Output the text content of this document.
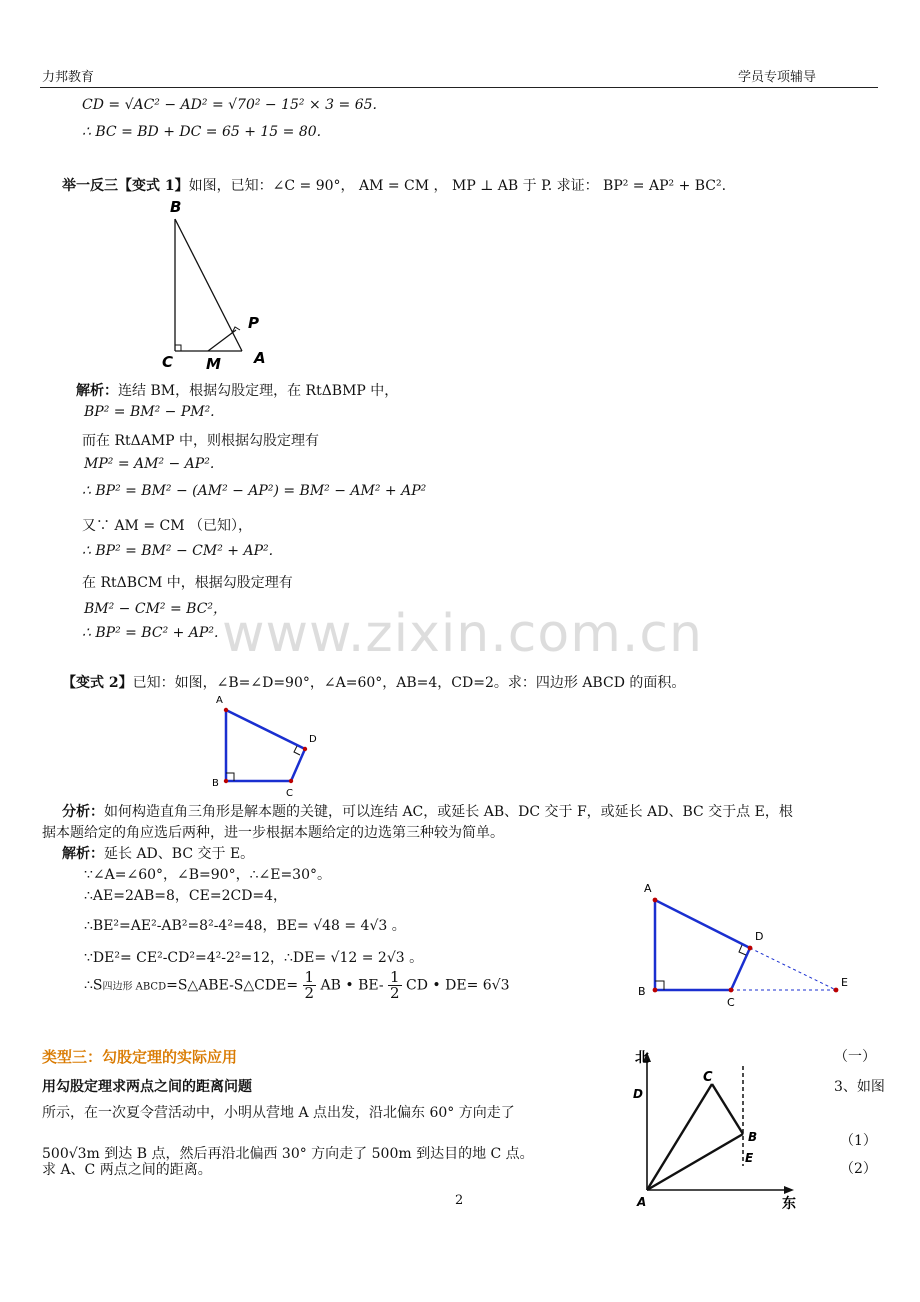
力邦教育	学员专项辅导
CD = √AC² − AD² = √70² − 15² × 3 = 65.
∴ BC = BD + DC = 65 + 15 = 80.
举一反三【变式 1】如图，已知：∠C = 90°， AM = CM ， MP ⊥ AB 于 P. 求证： BP² = AP² + BC².
B
P
C M A
解析：连结 BM，根据勾股定理，在 RtΔBMP 中，
BP² = BM² − PM².
而在 RtΔAMP 中，则根据勾股定理有
MP² = AM² − AP².
∴ BP² = BM² − (AM² − AP²) = BM² − AM² + AP²
又∵ AM = CM （已知），
∴ BP² = BM² − CM² + AP².
在 RtΔBCM 中，根据勾股定理有
BM² − CM² = BC²，
∴ BP² = BC² + AP². www.zixin.com.cn
【变式 2】已知：如图，∠B=∠D=90°，∠A=60°，AB=4，CD=2。求：四边形 ABCD 的面积。
A
B
C
D
分析：如何构造直角三角形是解本题的关键，可以连结 AC，或延长 AB、DC 交于 F，或延长 AD、BC 交于点 E，根
据本题给定的角应选后两种，进一步根据本题给定的边选第三种较为简单。
解析：延长 AD、BC 交于 E。
∵∠A=∠60°，∠B=90°，∴∠E=30°。
∴AE=2AB=8，CE=2CD=4，
∴BE²=AE²-AB²=8²-4²=48，BE= √48 = 4√3 。
∵DE²= CE²-CD²=4²-2²=12，∴DE= √12 = 2√3 。
∴S四边形 ABCD=S△ABE-S△CDE= $\frac{1}{2}$ AB • $BE- \frac{1}{2}$ CD • DE= 6√3
A
B
C
D
E
类型三：勾股定理的实际应用	（一）
用勾股定理求两点之间的距离问题	3、如图
所示，在一次夏令营活动中，小明从营地 A 点出发，沿北偏东 60° 方向走了
500√3m 到达 B 点，然后再沿北偏西 30° 方向走了 500m 到达目的地 C 点。
求 A、C 两点之间的距离。
（1）
（2）
北
东
A
B
C
D
E
2
